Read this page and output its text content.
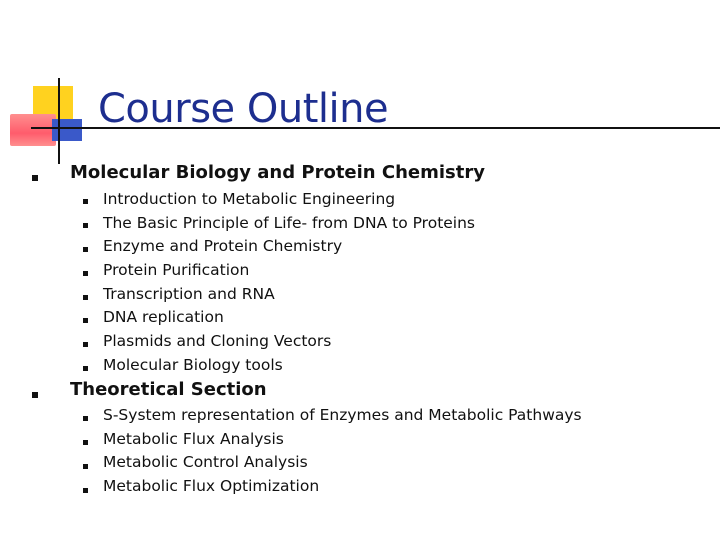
Course Outline
Molecular Biology and Protein Chemistry
Introduction to Metabolic Engineering
The Basic Principle of Life- from DNA to Proteins
Enzyme and Protein Chemistry
Protein Purification
Transcription and RNA
DNA replication
Plasmids and Cloning Vectors
Molecular Biology tools
Theoretical Section
S-System representation of Enzymes and Metabolic Pathways
Metabolic Flux Analysis
Metabolic Control Analysis
Metabolic Flux Optimization
